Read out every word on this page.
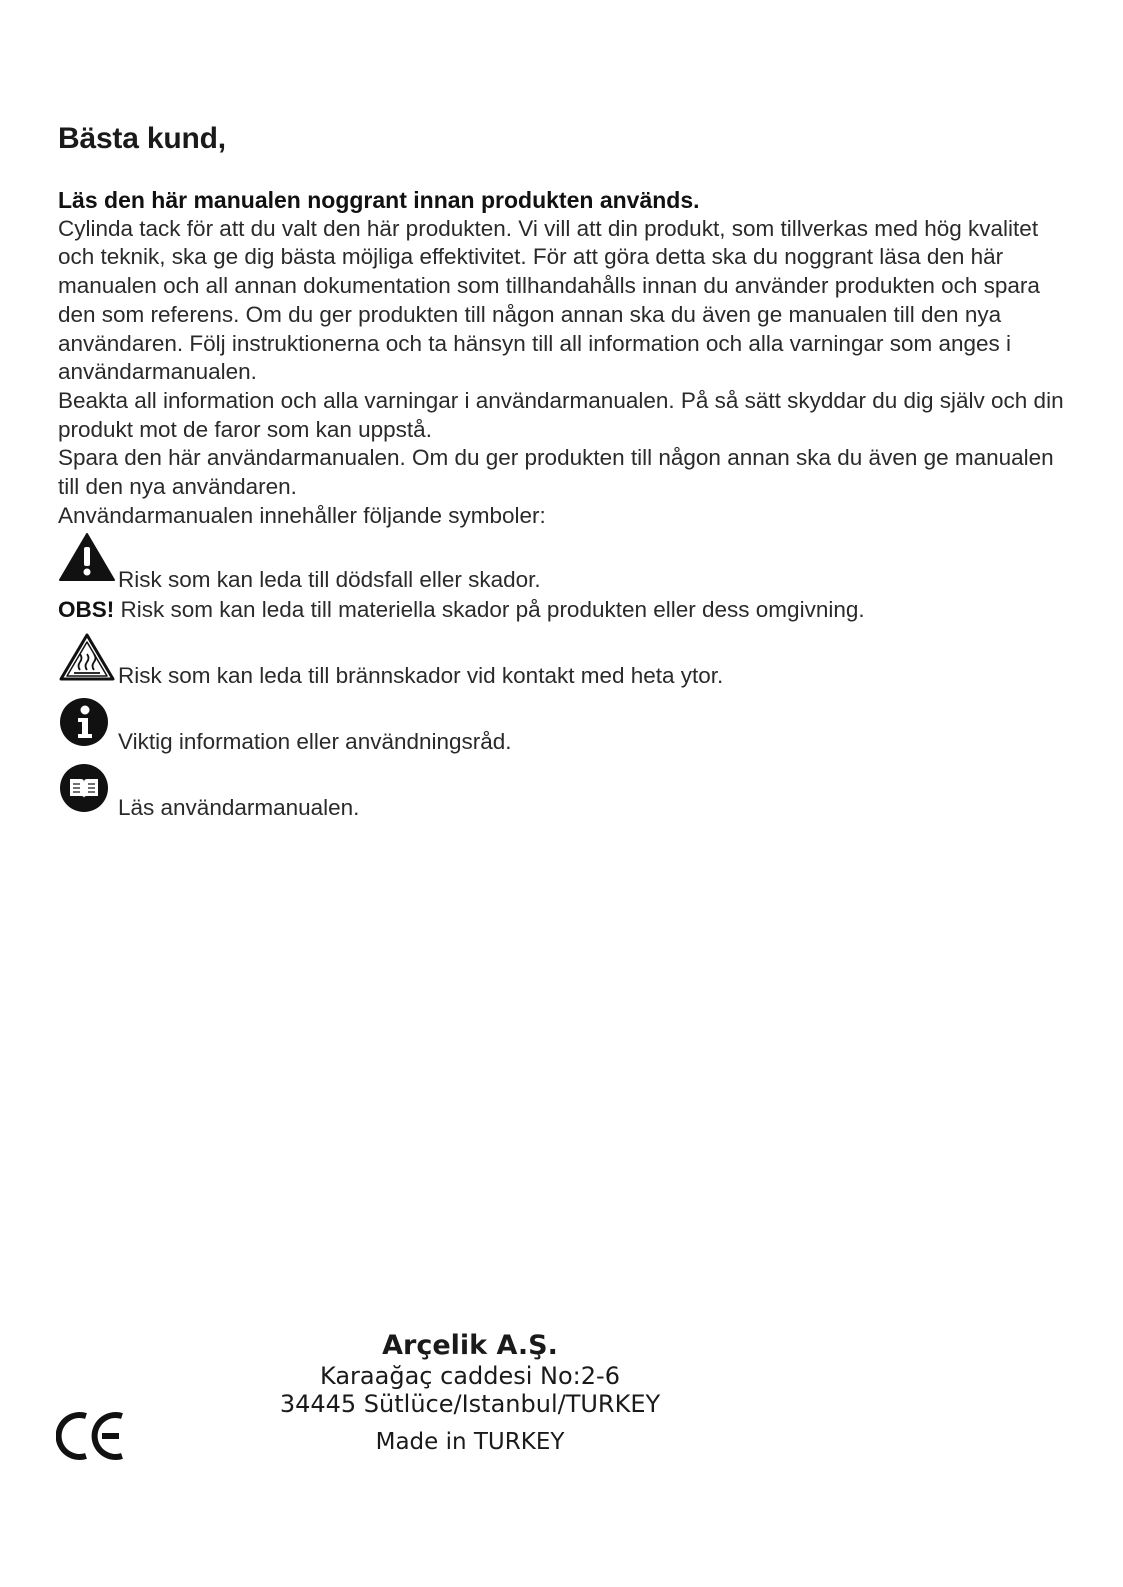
Bästa kund,

Läs den här manualen noggrant innan produkten används.

Cylinda tack för att du valt den här produkten. Vi vill att din produkt, som tillverkas med hög kvalitet och teknik, ska ge dig bästa möjliga effektivitet. För att göra detta ska du noggrant läsa den här manualen och all annan dokumentation som tillhandahålls innan du använder produkten och spara den som referens. Om du ger produkten till någon annan ska du även ge manualen till den nya användaren. Följ instruktionerna och ta hänsyn till all information och alla varningar som anges i användarmanualen.

Beakta all information och alla varningar i användarmanualen. På så sätt skyddar du dig själv och din produkt mot de faror som kan uppstå.

Spara den här användarmanualen. Om du ger produkten till någon annan ska du även ge manualen till den nya användaren.

Användarmanualen innehåller följande symboler:

Risk som kan leda till dödsfall eller skador.
OBS! Risk som kan leda till materiella skador på produkten eller dess omgivning.
Risk som kan leda till brännskador vid kontakt med heta ytor.
Viktig information eller användningsråd.
Läs användarmanualen.
Arçelik A.Ş.
Karaağaç caddesi No:2-6
34445 Sütlüce/Istanbul/TURKEY
Made in TURKEY
